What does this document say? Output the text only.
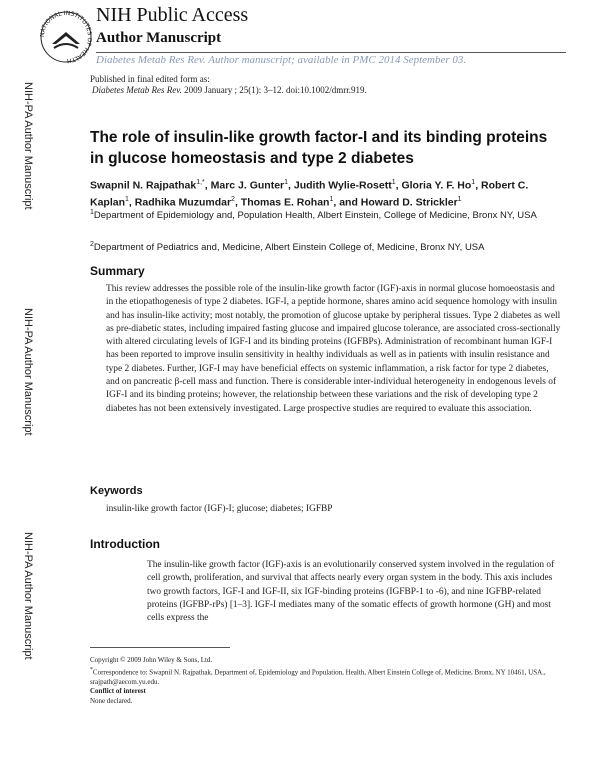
ATIONAL INSTITUTE F HEALTH
NIH Public Access
Author Manuscript
Diabetes Metab Res Rev. Author manuscript; available in PMC 2014 September 03.
Published in final edited form as:
Diabetes Metab Res Rev. 2009 January ; 25(1): 3–12. doi:10.1002/dmrr.919.
NIH-PA Author Manuscript
NIH-PA Author Manuscript
NIH-PA Author Manuscript
The role of insulin-like growth factor-I and its binding proteins in glucose homeostasis and type 2 diabetes
Swapnil N. Rajpathak$^{1,*}$, Marc J. Gunter$^1$, Judith Wylie-Rosett$^1$, Gloria Y. F. Ho$^1$, Robert C. Kaplan$^1$, Radhika Muzumdar$^2$, Thomas E. Rohan$^1$, and Howard D. Strickler$^1$
$^1$Department of Epidemiology and, Population Health, Albert Einstein, College of Medicine, Bronx NY, USA
$^2$Department of Pediatrics and, Medicine, Albert Einstein College of, Medicine, Bronx NY, USA
Summary
This review addresses the possible role of the insulin-like growth factor (IGF)-axis in normal glucose homoeostasis and in the etiopathogenesis of type 2 diabetes. IGF-I, a peptide hormone, shares amino acid sequence homology with insulin and has insulin-like activity; most notably, the promotion of glucose uptake by peripheral tissues. Type 2 diabetes as well as pre-diabetic states, including impaired fasting glucose and impaired glucose tolerance, are associated cross-sectionally with altered circulating levels of IGF-I and its binding proteins (IGFBPs). Administration of recombinant human IGF-I has been reported to improve insulin sensitivity in healthy individuals as well as in patients with insulin resistance and type 2 diabetes. Further, IGF-I may have beneficial effects on systemic inflammation, a risk factor for type 2 diabetes, and on pancreatic β-cell mass and function. There is considerable inter-individual heterogeneity in endogenous levels of IGF-I and its binding proteins; however, the relationship between these variations and the risk of developing type 2 diabetes has not been extensively investigated. Large prospective studies are required to evaluate this association.
Keywords
insulin-like growth factor (IGF)-I; glucose; diabetes; IGFBP
Introduction
The insulin-like growth factor (IGF)-axis is an evolutionarily conserved system involved in the regulation of cell growth, proliferation, and survival that affects nearly every organ system in the body. This axis includes two growth factors, IGF-I and IGF-II, six IGF-binding proteins (IGFBP-1 to -6), and nine IGFBP-related proteins (IGFBP-rPs) [1–3]. IGF-I mediates many of the somatic effects of growth hormone (GH) and most cells express the
Copyright © 2009 John Wiley & Sons, Ltd.
*Correspondence to: Swapnil N. Rajpathak, Department of, Epidemiology and Population, Health, Albert Einstein College of, Medicine, Bronx, NY 10461, USA., srajpath@aecom.yu.edu.
Conflict of interest
None declared.
